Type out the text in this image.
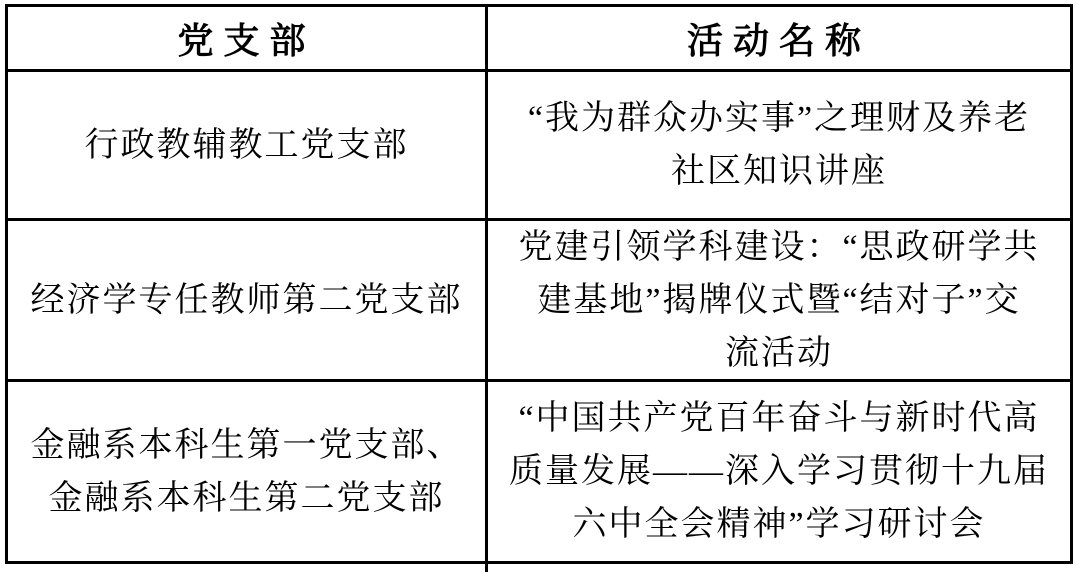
党支部	活动名称
行政教辅教工党支部
“我为群众办实事”之理财及养老
社区知识讲座
经济学专任教师第二党支部
党建引领学科建设：“思政研学共
建基地”揭牌仪式暨“结对子”交
流活动
金融系本科生第一党支部、
金融系本科生第二党支部
“中国共产党百年奋斗与新时代高
质量发展——深入学习贯彻十九届
六中全会精神”学习研讨会
